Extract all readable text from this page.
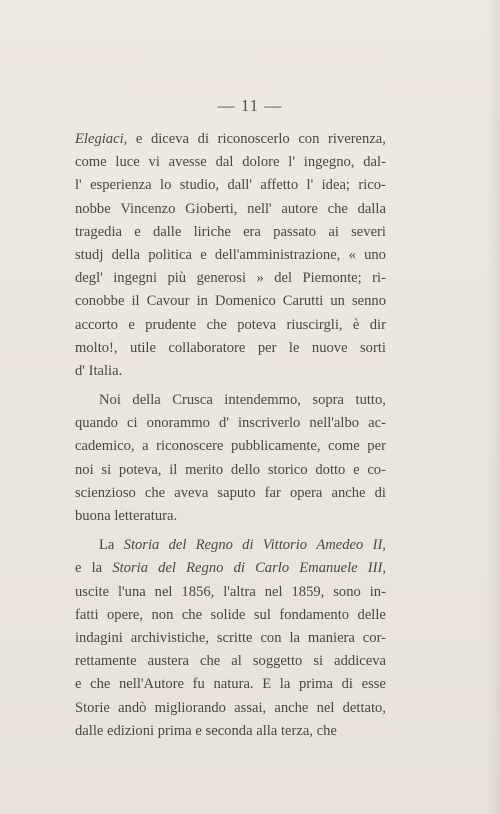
— 11 —
Elegiaci, e diceva di riconoscerlo con riverenza,
come luce vi avesse dal dolore l' ingegno, dal-
l' esperienza lo studio, dall' affetto l' idea; rico-
nobbe Vincenzo Gioberti, nell' autore che dalla
tragedia e dalle liriche era passato ai severi
studj della politica e dell'amministrazione, « uno
degl' ingegni più generosi » del Piemonte; ri-
conobbe il Cavour in Domenico Carutti un senno
accorto e prudente che poteva riuscirgli, è dir
molto!, utile collaboratore per le nuove sorti
d'
Italia.
Noi della Crusca intendemmo, sopra tutto,
quando ci onorammo d' inscriverlo nell'albo ac-
cademico, a riconoscere pubblicamente, come per
noi si poteva, il merito dello storico dotto e co-
scienzioso che aveva saputo far opera anche di
buona
letteratura.
La Storia del Regno di Vittorio Amedeo II,
e la Storia del Regno di Carlo Emanuele III,
uscite l'una nel 1856, l'altra nel 1859, sono in-
fatti opere, non che solide sul fondamento delle
indagini archivistiche, scritte con la maniera cor-
rettamente austera che al soggetto si addiceva
e che nell'Autore fu natura. E la prima di esse
Storie andò migliorando assai, anche nel dettato,
dalle
edizioni
prima
e
seconda
alla
terza,
che
